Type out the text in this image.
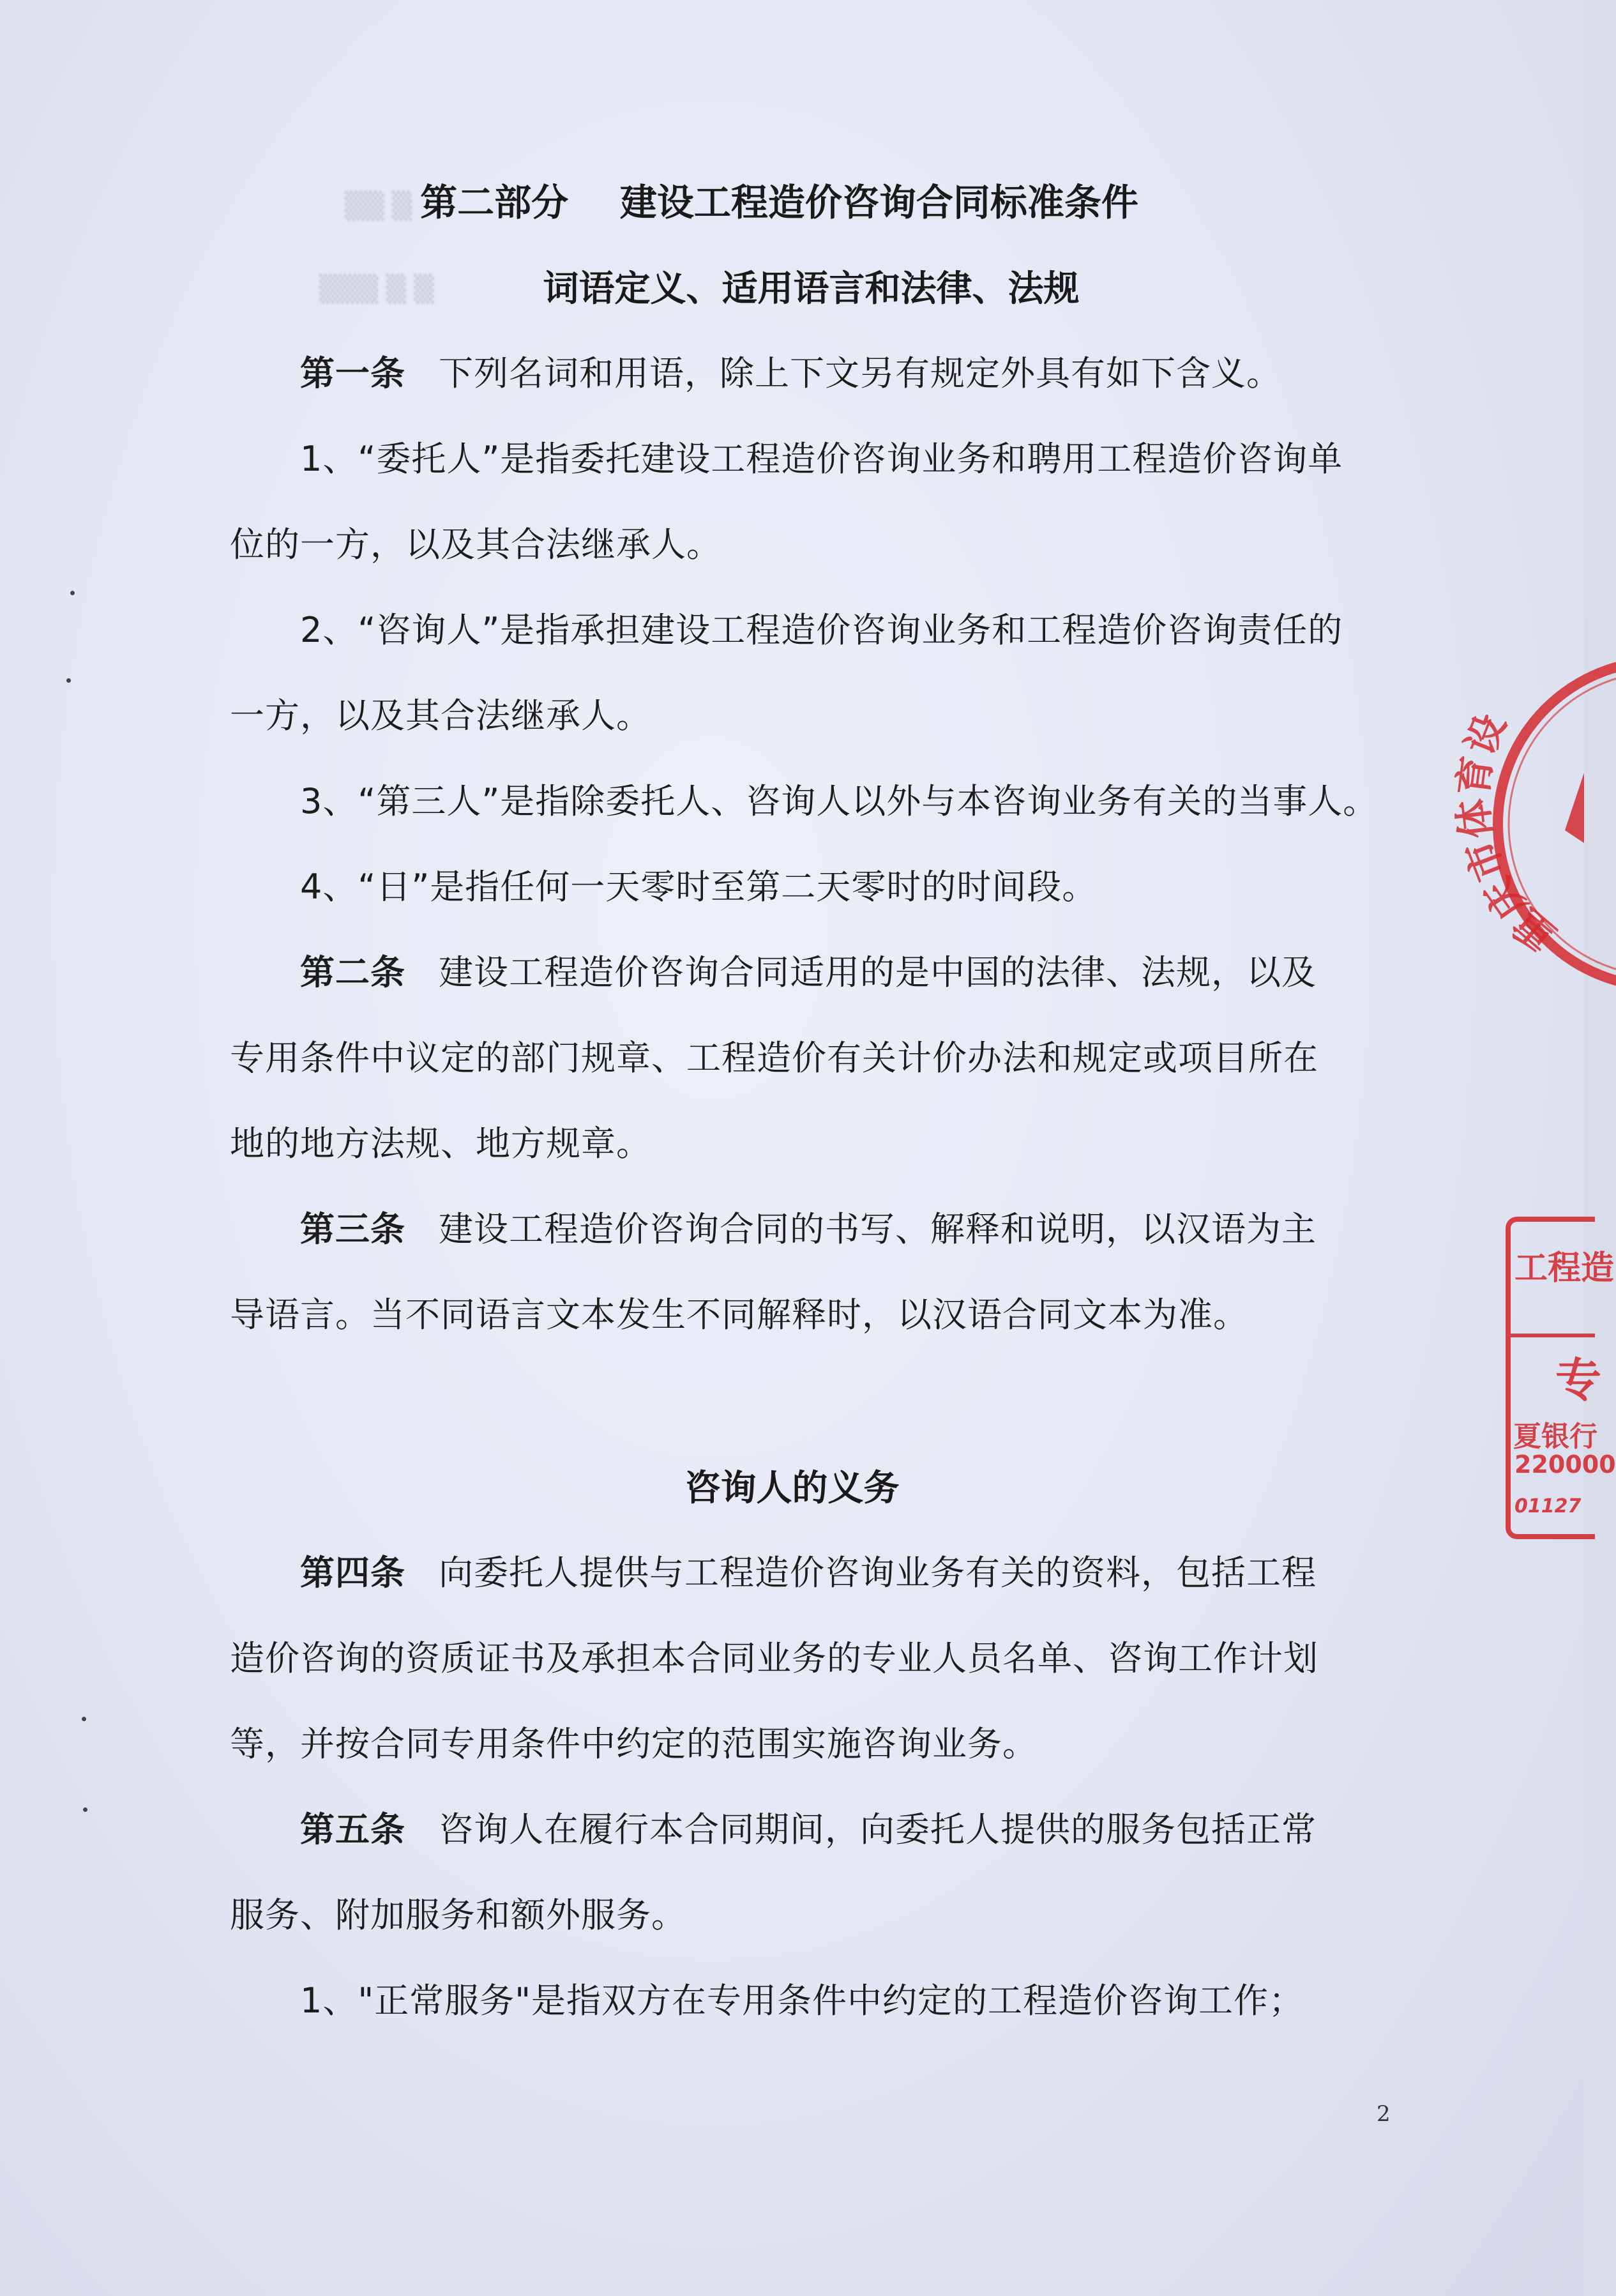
▒▒ ▒
▒▒▒ ▒ ▒
第二部分    建设工程造价咨询合同标准条件
词语定义、适用语言和法律、法规
第一条 下列名词和用语，除上下文另有规定外具有如下含义。
1、“委托人”是指委托建设工程造价咨询业务和聘用工程造价咨询单
位的一方，以及其合法继承人。
2、“咨询人”是指承担建设工程造价咨询业务和工程造价咨询责任的
一方，以及其合法继承人。
3、“第三人”是指除委托人、咨询人以外与本咨询业务有关的当事人。
4、“日”是指任何一天零时至第二天零时的时间段。
第二条 建设工程造价咨询合同适用的是中国的法律、法规，以及
专用条件中议定的部门规章、工程造价有关计价办法和规定或项目所在
地的地方法规、地方规章。
第三条 建设工程造价咨询合同的书写、解释和说明，以汉语为主
导语言。当不同语言文本发生不同解释时，以汉语合同文本为准。
咨询人的义务
第四条 向委托人提供与工程造价咨询业务有关的资料，包括工程
造价咨询的资质证书及承担本合同业务的专业人员名单、咨询工作计划
等，并按合同专用条件中约定的范围实施咨询业务。
第五条 咨询人在履行本合同期间，向委托人提供的服务包括正常
服务、附加服务和额外服务。
1、"正常服务"是指双方在专用条件中约定的工程造价咨询工作；
2
重庆市体育设
工程造
专
夏银行
220000
01127
